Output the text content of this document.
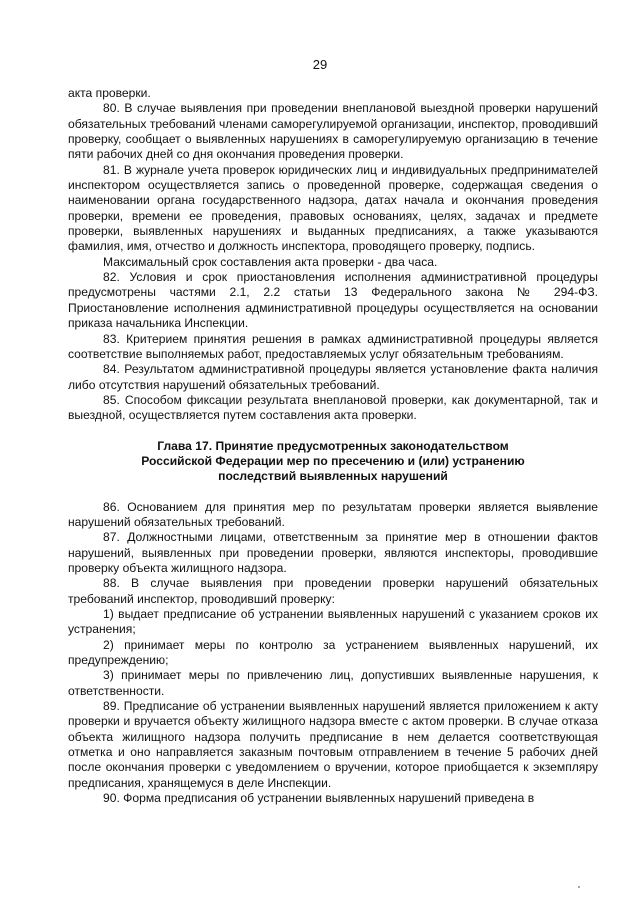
29

акта проверки.

80. В случае выявления при проведении внеплановой выездной проверки нарушений обязательных требований членами саморегулируемой организации, инспектор, проводивший проверку, сообщает о выявленных нарушениях в саморегулируемую организацию в течение пяти рабочих дней со дня окончания проведения проверки.

81. В журнале учета проверок юридических лиц и индивидуальных предпринимателей инспектором осуществляется запись о проведенной проверке, содержащая сведения о наименовании органа государственного надзора, датах начала и окончания проведения проверки, времени ее проведения, правовых основаниях, целях, задачах и предмете проверки, выявленных нарушениях и выданных предписаниях, а также указываются фамилия, имя, отчество и должность инспектора, проводящего проверку, подпись.

Максимальный срок составления акта проверки - два часа.

82. Условия и срок приостановления исполнения административной процедуры предусмотрены частями 2.1, 2.2 статьи 13 Федерального закона № 294-ФЗ. Приостановление исполнения административной процедуры осуществляется на основании приказа начальника Инспекции.

83. Критерием принятия решения в рамках административной процедуры является соответствие выполняемых работ, предоставляемых услуг обязательным требованиям.

84. Результатом административной процедуры является установление факта наличия либо отсутствия нарушений обязательных требований.

85. Способом фиксации результата внеплановой проверки, как документарной, так и выездной, осуществляется путем составления акта проверки.

Глава 17. Принятие предусмотренных законодательством
Российской Федерации мер по пресечению и (или) устранению
последствий выявленных нарушений

86. Основанием для принятия мер по результатам проверки является выявление нарушений обязательных требований.

87. Должностными лицами, ответственным за принятие мер в отношении фактов нарушений, выявленных при проведении проверки, являются инспекторы, проводившие проверку объекта жилищного надзора.

88. В случае выявления при проведении проверки нарушений обязательных требований инспектор, проводивший проверку:

1) выдает предписание об устранении выявленных нарушений с указанием сроков их устранения;

2) принимает меры по контролю за устранением выявленных нарушений, их предупреждению;

3) принимает меры по привлечению лиц, допустивших выявленные нарушения, к ответственности.

89. Предписание об устранении выявленных нарушений является приложением к акту проверки и вручается объекту жилищного надзора вместе с актом проверки. В случае отказа объекта жилищного надзора получить предписание в нем делается соответствующая отметка и оно направляется заказным почтовым отправлением в течение 5 рабочих дней после окончания проверки с уведомлением о вручении, которое приобщается к экземпляру предписания, хранящемуся в деле Инспекции.

90. Форма предписания об устранении выявленных нарушений приведена в
